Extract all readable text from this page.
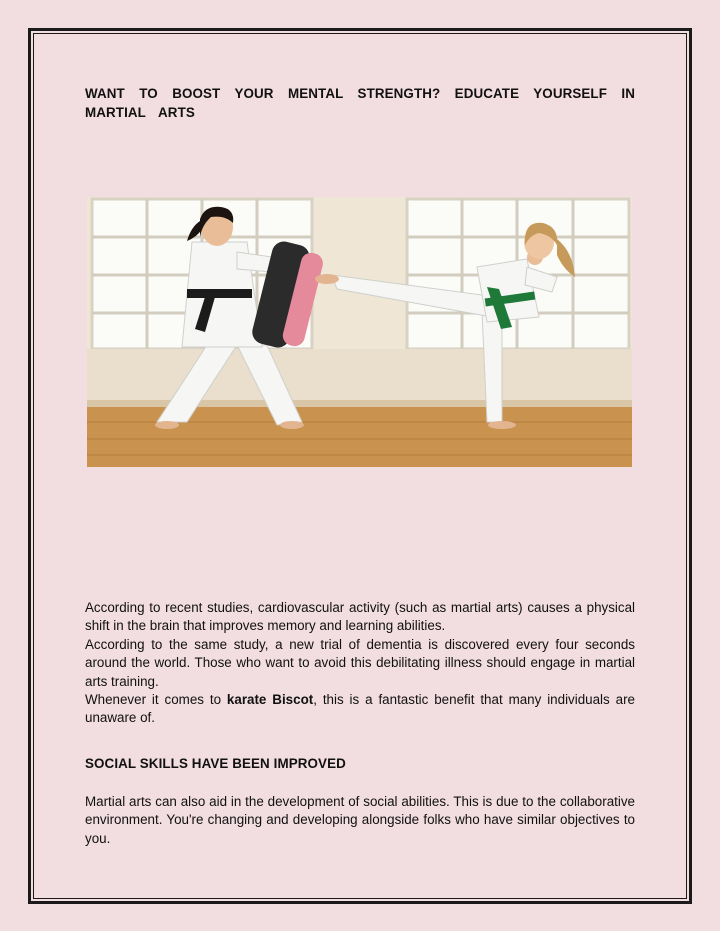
WANT TO BOOST YOUR MENTAL STRENGTH? EDUCATE YOURSELF IN MARTIAL ARTS

According to recent studies, cardiovascular activity (such as martial arts) causes a physical shift in the brain that improves memory and learning abilities.

According to the same study, a new trial of dementia is discovered every four seconds around the world. Those who want to avoid this debilitating illness should engage in martial arts training.

Whenever it comes to karate Biscot, this is a fantastic benefit that many individuals are unaware of.

SOCIAL SKILLS HAVE BEEN IMPROVED

Martial arts can also aid in the development of social abilities. This is due to the collaborative environment. You're changing and developing alongside folks who have similar objectives to you.
